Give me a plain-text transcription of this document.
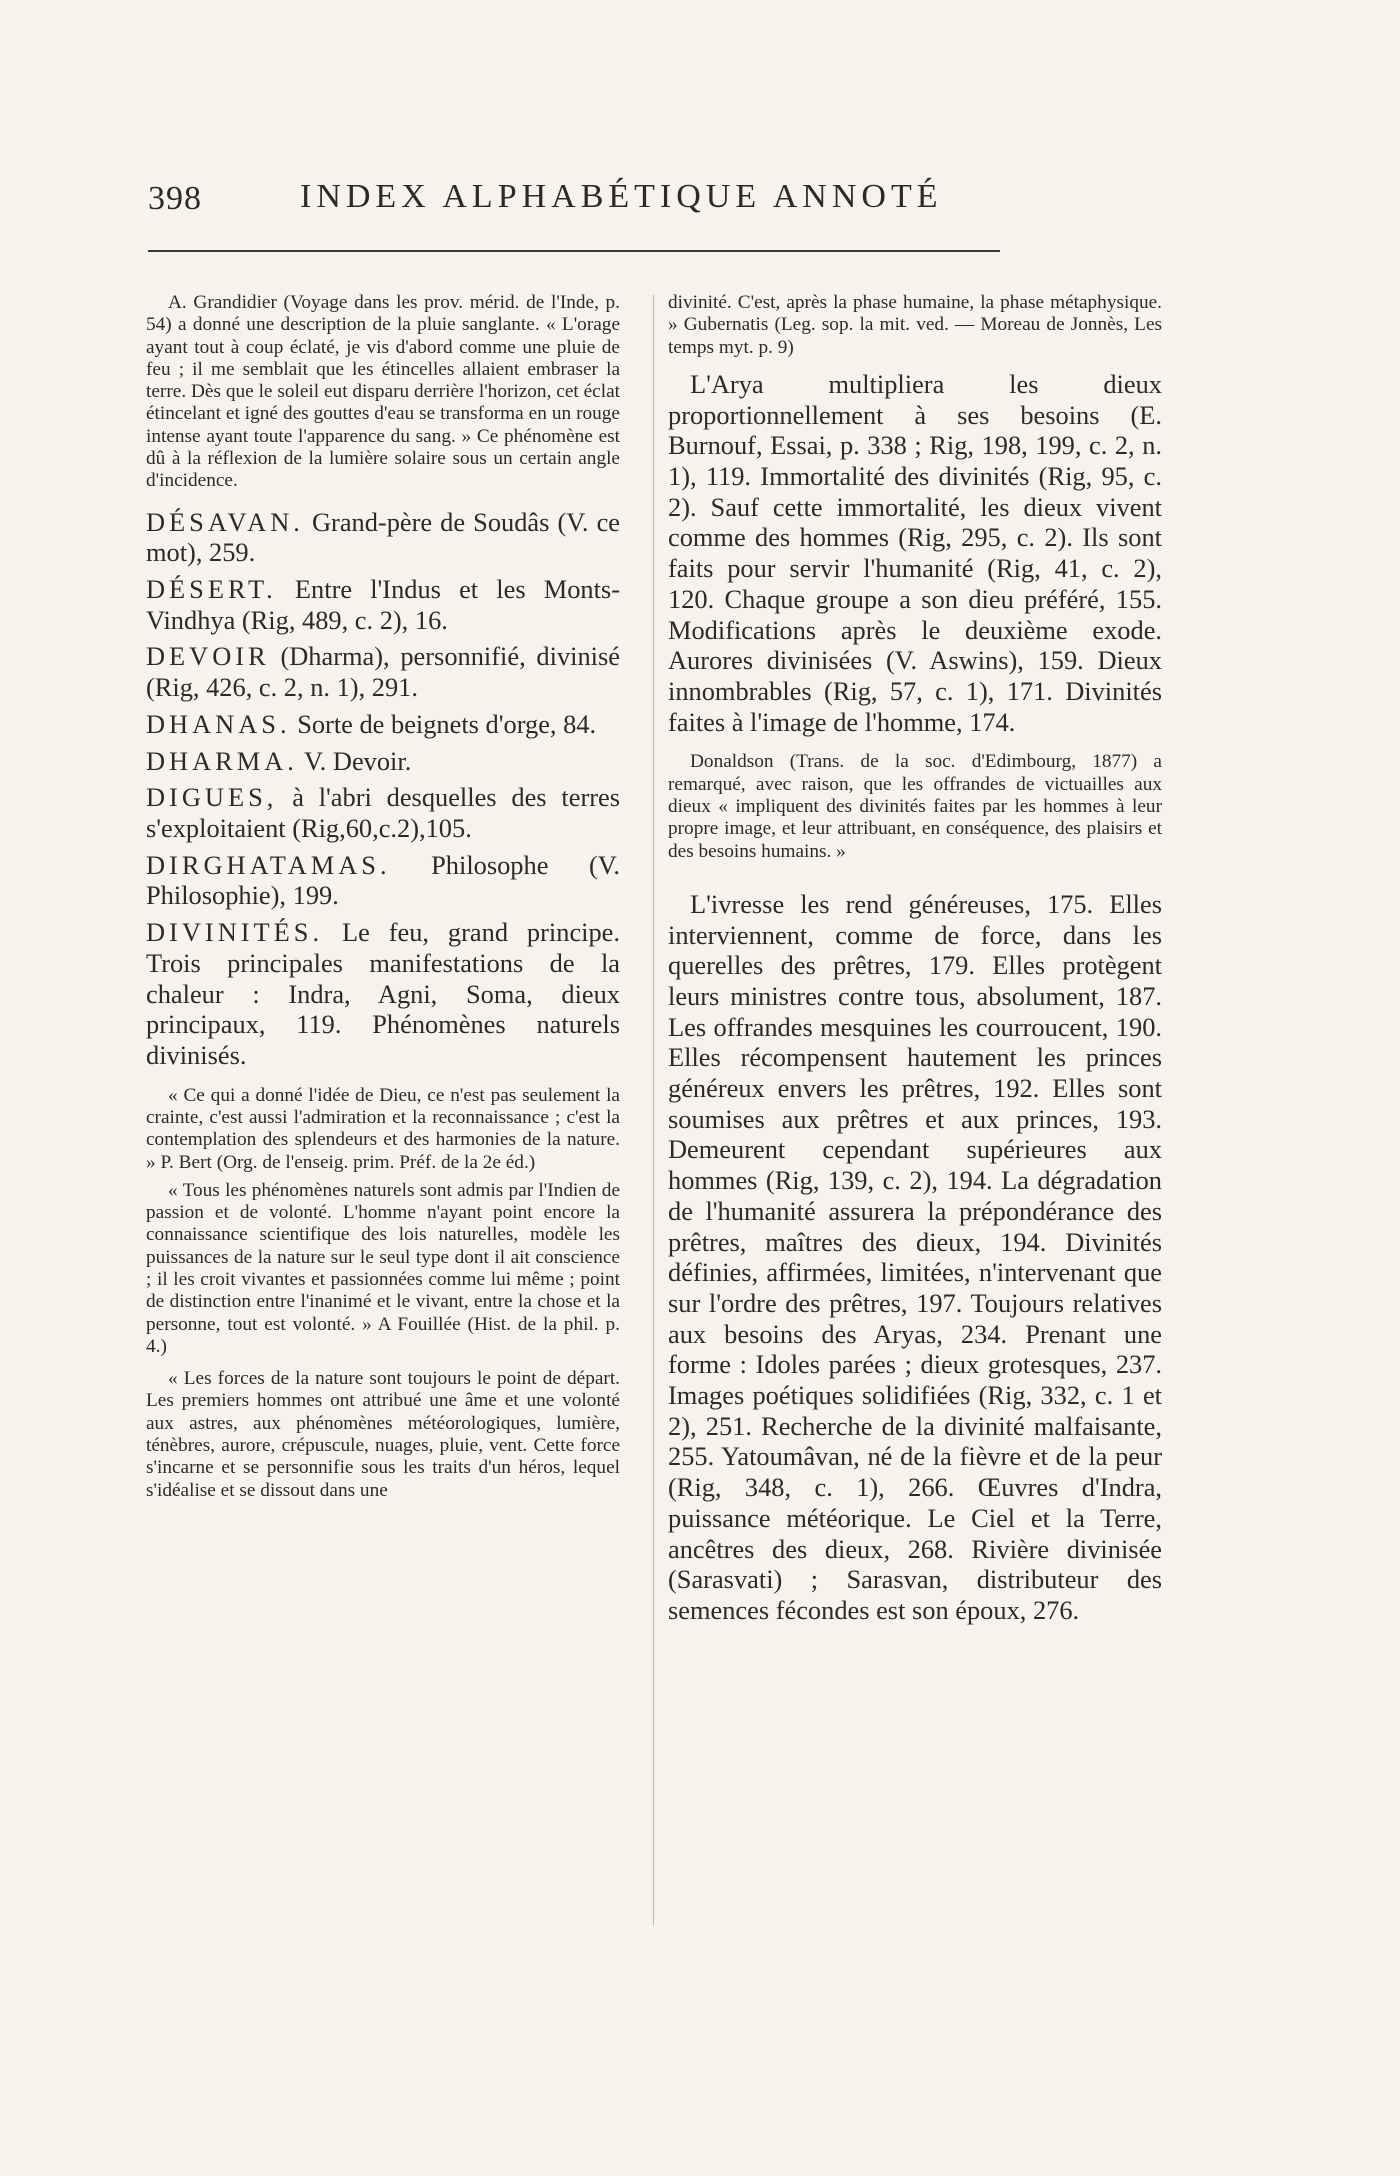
398	INDEX ALPHABÉTIQUE ANNOTÉ

A. Grandidier (Voyage dans les prov. mérid. de l'Inde, p. 54) a donné une description de la pluie sanglante. « L'orage ayant tout à coup éclaté, je vis d'abord comme une pluie de feu ; il me semblait que les étincelles allaient embraser la terre. Dès que le soleil eut disparu derrière l'horizon, cet éclat étincelant et igné des gouttes d'eau se transforma en un rouge intense ayant toute l'apparence du sang. » Ce phénomène est dû à la réflexion de la lumière solaire sous un certain angle d'incidence.

DÉSAVAN. Grand-père de Soudâs (V. ce mot), 259.

DÉSERT. Entre l'Indus et les Monts-Vindhya (Rig, 489, c. 2), 16.

DEVOIR (Dharma), personnifié, divinisé (Rig, 426, c. 2, n. 1), 291.

DHANAS. Sorte de beignets d'orge, 84.

DHARMA. V. Devoir.

DIGUES, à l'abri desquelles des terres s'exploitaient (Rig,60,c.2),105.

DIRGHATAMAS. Philosophe (V. Philosophie), 199.

DIVINITÉS. Le feu, grand principe. Trois principales manifestations de la chaleur : Indra, Agni, Soma, dieux principaux, 119. Phénomènes naturels divinisés.

« Ce qui a donné l'idée de Dieu, ce n'est pas seulement la crainte, c'est aussi l'admiration et la reconnaissance ; c'est la contemplation des splendeurs et des harmonies de la nature. » P. Bert (Org. de l'enseig. prim. Préf. de la 2e éd.)

« Tous les phénomènes naturels sont admis par l'Indien de passion et de volonté. L'homme n'ayant point encore la connaissance scientifique des lois naturelles, modèle les puissances de la nature sur le seul type dont il ait conscience ; il les croit vivantes et passionnées comme lui même ; point de distinction entre l'inanimé et le vivant, entre la chose et la personne, tout est volonté. » A Fouillée (Hist. de la phil. p. 4.)

« Les forces de la nature sont toujours le point de départ. Les premiers hommes ont attribué une âme et une volonté aux astres, aux phénomènes météorologiques, lumière, ténèbres, aurore, crépuscule, nuages, pluie, vent. Cette force s'incarne et se personnifie sous les traits d'un héros, lequel s'idéalise et se dissout dans une

divinité. C'est, après la phase humaine, la phase métaphysique. » Gubernatis (Leg. sop. la mit. ved. — Moreau de Jonnès, Les temps myt. p. 9)

L'Arya multipliera les dieux proportionnellement à ses besoins (E. Burnouf, Essai, p. 338 ; Rig, 198, 199, c. 2, n. 1), 119. Immortalité des divinités (Rig, 95, c. 2). Sauf cette immortalité, les dieux vivent comme des hommes (Rig, 295, c. 2). Ils sont faits pour servir l'humanité (Rig, 41, c. 2), 120. Chaque groupe a son dieu préféré, 155. Modifications après le deuxième exode. Aurores divinisées (V. Aswins), 159. Dieux innombrables (Rig, 57, c. 1), 171. Divinités faites à l'image de l'homme, 174.

Donaldson (Trans. de la soc. d'Edimbourg, 1877) a remarqué, avec raison, que les offrandes de victuailles aux dieux « impliquent des divinités faites par les hommes à leur propre image, et leur attribuant, en conséquence, des plaisirs et des besoins humains. »

L'ivresse les rend généreuses, 175. Elles interviennent, comme de force, dans les querelles des prêtres, 179. Elles protègent leurs ministres contre tous, absolument, 187. Les offrandes mesquines les courroucent, 190. Elles récompensent hautement les princes généreux envers les prêtres, 192. Elles sont soumises aux prêtres et aux princes, 193. Demeurent cependant supérieures aux hommes (Rig, 139, c. 2), 194. La dégradation de l'humanité assurera la prépondérance des prêtres, maîtres des dieux, 194. Divinités définies, affirmées, limitées, n'intervenant que sur l'ordre des prêtres, 197. Toujours relatives aux besoins des Aryas, 234. Prenant une forme : Idoles parées ; dieux grotesques, 237. Images poétiques solidifiées (Rig, 332, c. 1 et 2), 251. Recherche de la divinité malfaisante, 255. Yatoumâvan, né de la fièvre et de la peur (Rig, 348, c. 1), 266. Œuvres d'Indra, puissance météorique. Le Ciel et la Terre, ancêtres des dieux, 268. Rivière divinisée (Sarasvati) ; Sarasvan, distributeur des semences fécondes est son époux, 276.
